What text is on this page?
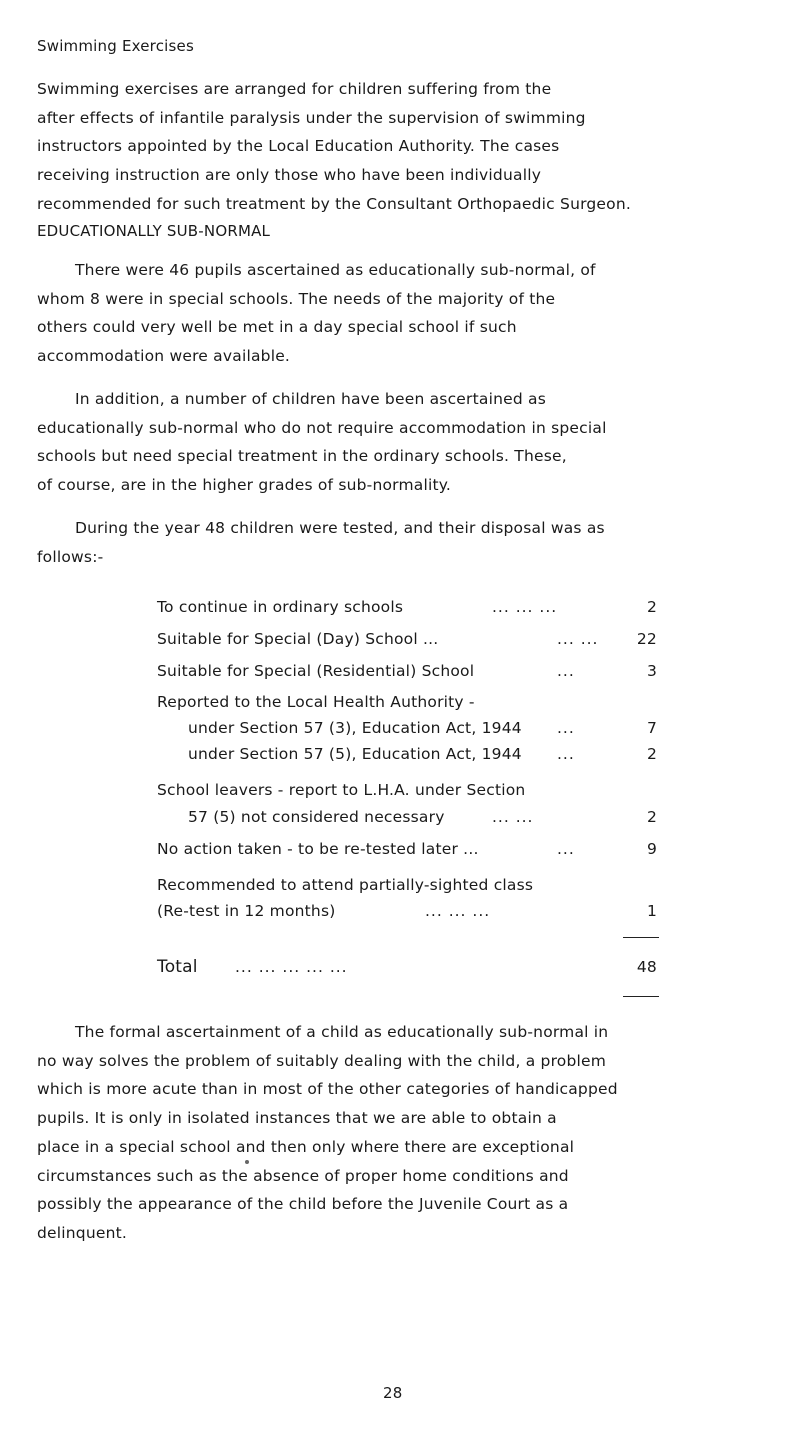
Swimming Exercises
Swimming exercises are arranged for children suffering from the
after effects of infantile paralysis under the supervision of swimming
instructors appointed by the Local Education Authority. The cases
receiving instruction are only those who have been individually
recommended for such treatment by the Consultant Orthopaedic Surgeon.
EDUCATIONALLY SUB-NORMAL
There were 46 pupils ascertained as educationally sub-normal, of
whom 8 were in special schools. The needs of the majority of the
others could very well be met in a day special school if such
accommodation were available.
In addition, a number of children have been ascertained as
educationally sub-normal who do not require accommodation in special
schools but need special treatment in the ordinary schools. These,
of course, are in the higher grades of sub-normality.
During the year 48 children were tested, and their disposal was as
follows:-
To continue in ordinary schools	... ... ...	2
Suitable for Special (Day) School ...	... ...	22
Suitable for Special (Residential) School	...	3
Reported to the Local Health Authority -
under Section 57 (3), Education Act, 1944 ...	7
under Section 57 (5), Education Act, 1944 ...	2
School leavers - report to L.H.A. under Section
57 (5) not considered necessary	... ...	2
No action taken - to be re-tested later ...	...	9
Recommended to attend partially-sighted class
(Re-test in 12 months)	... ... ...	1
Total ... ... ... ... ...	48
The formal ascertainment of a child as educationally sub-normal in
no way solves the problem of suitably dealing with the child, a problem
which is more acute than in most of the other categories of handicapped
pupils. It is only in isolated instances that we are able to obtain a
place in a special school and then only where there are exceptional
circumstances such as the absence of proper home conditions and
possibly the appearance of the child before the Juvenile Court as a
delinquent.
28
